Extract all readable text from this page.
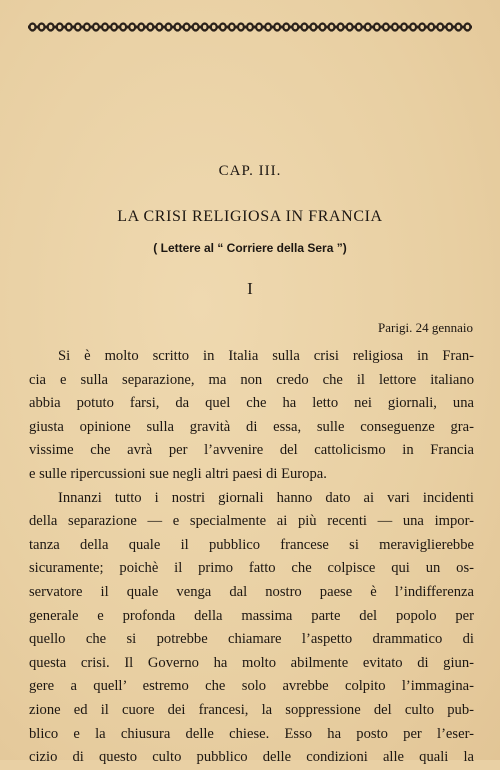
CAP. III.
LA CRISI RELIGIOSA IN FRANCIA
( Lettere al “ Corriere della Sera ”)
I
Parigi. 24 gennaio
Si è molto scritto in Italia sulla crisi religiosa in Fran-
cia e sulla separazione, ma non credo che il lettore italiano
abbia potuto farsi, da quel che ha letto nei giornali, una
giusta opinione sulla gravità di essa, sulle conseguenze gra-
vissime che avrà per l’avvenire del cattolicismo in Francia
e sulle ripercussioni sue negli altri paesi di Europa.
Innanzi tutto i nostri giornali hanno dato ai vari incidenti
della separazione — e specialmente ai più recenti — una impor-
tanza della quale il pubblico francese si meraviglierebbe
sicuramente; poichè il primo fatto che colpisce qui un os-
servatore il quale venga dal nostro paese è l’indifferenza
generale e profonda della massima parte del popolo per
quello che si potrebbe chiamare l’aspetto drammatico di
questa crisi. Il Governo ha molto abilmente evitato di giun-
gere a quell’ estremo che solo avrebbe colpito l’immagina-
zione ed il cuore dei francesi, la soppressione del culto pub-
blico e la chiusura delle chiese. Esso ha posto per l’eser-
cizio di questo culto pubblico delle condizioni alle quali la
